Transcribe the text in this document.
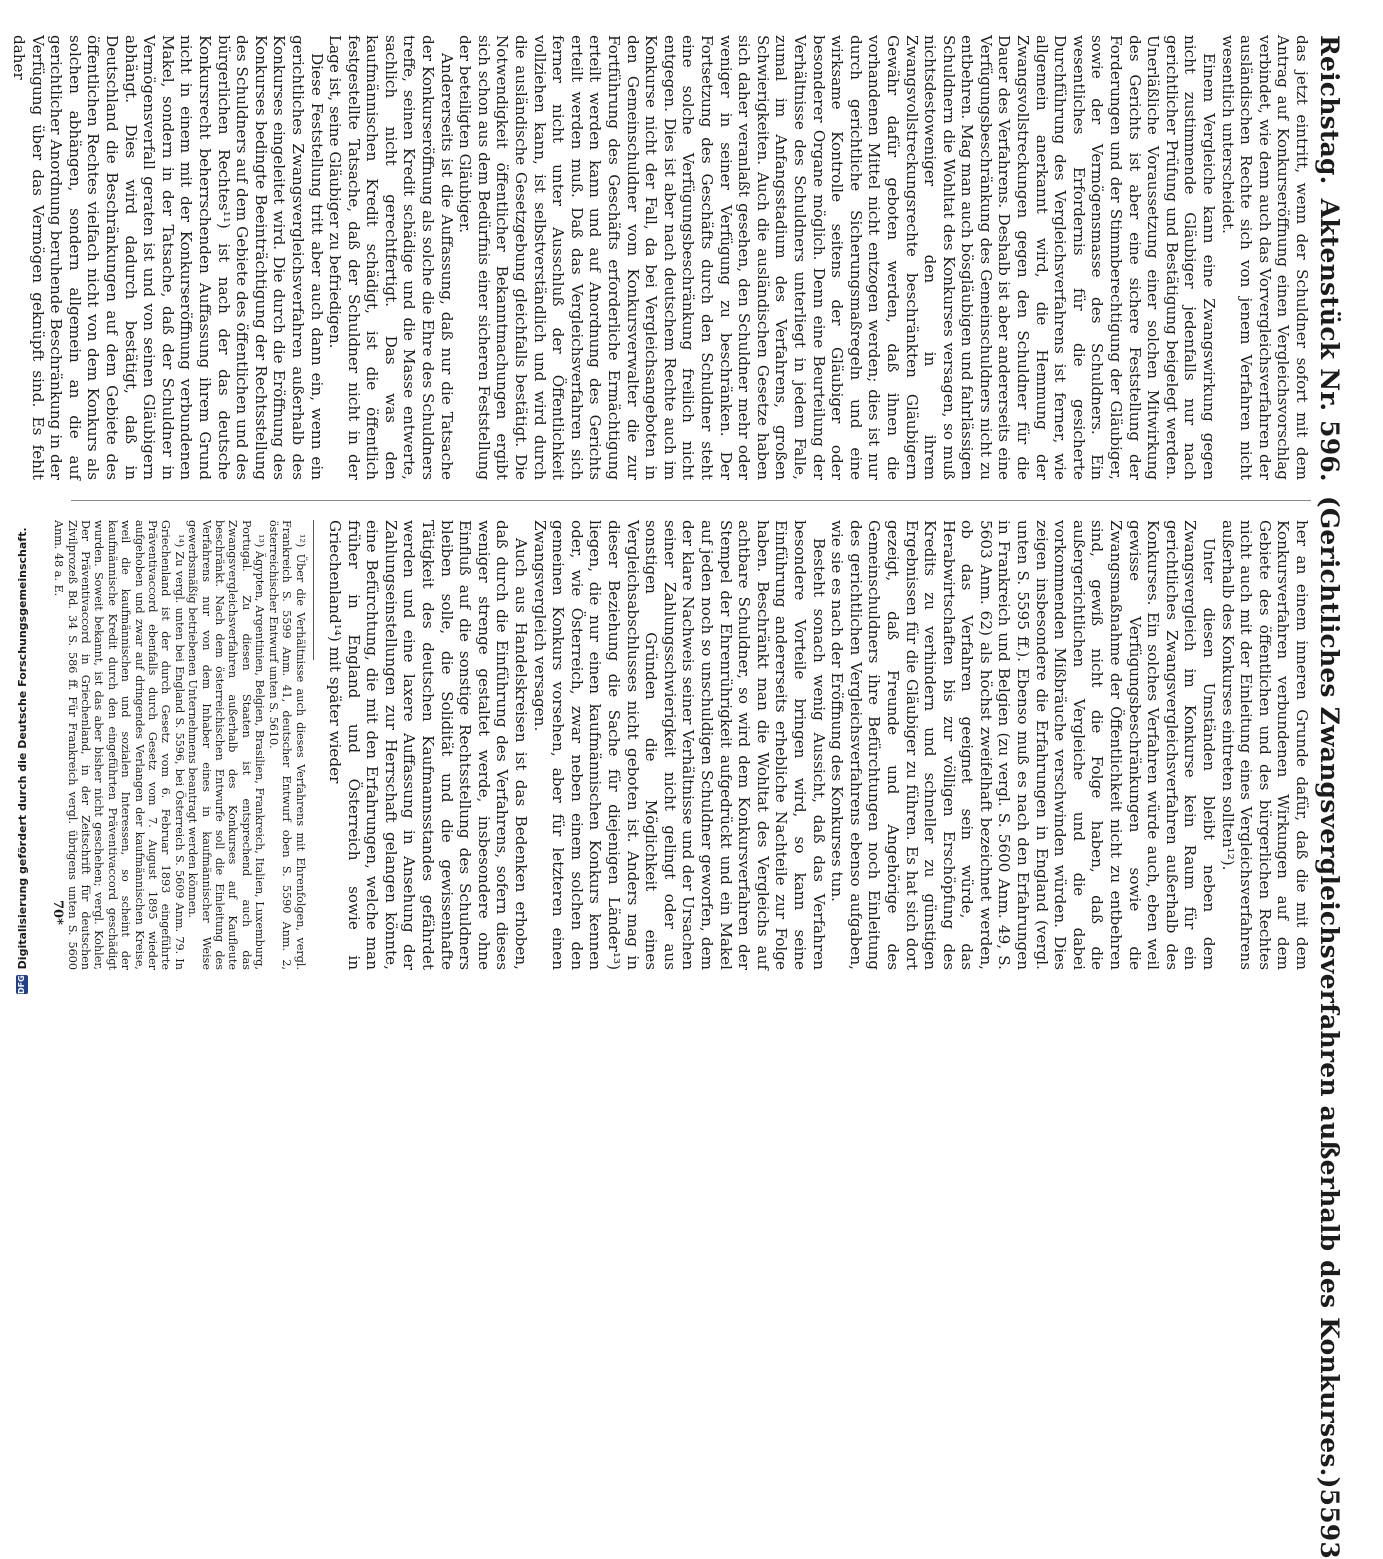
Reichstag.
Aktenstück Nr. 596.
(Gerichtliches Zwangsvergleichsverfahren außerhalb des Konkurses.)
5593

das jetzt eintritt, wenn der Schuldner sofort mit dem Antrag auf Konkurseröffnung einen Vergleichsvorschlag verbindet, wie denn auch das Vorvergleichsverfahren der ausländischen Rechte sich von jenem Verfahren nicht wesentlich unterscheidet.

Einem Vergleiche kann eine Zwangswirkung gegen nicht zustimmende Gläubiger jedenfalls nur nach gerichtlicher Prüfung und Bestätigung beigelegt werden. Unerläßliche Voraussetzung einer solchen Mitwirkung des Gerichts ist aber eine sichere Feststellung der Forderungen und der Stimmberechtigung der Gläubiger, sowie der Vermögensmasse des Schuldners. Ein wesentliches Erfordernis für die gesicherte Durchführung des Vergleichsverfahrens ist ferner, wie allgemein anerkannt wird, die Hemmung der Zwangsvollstreckungen gegen den Schuldner für die Dauer des Verfahrens. Deshalb ist aber andererseits eine Verfügungsbeschränkung des Gemeinschuldners nicht zu entbehren. Mag man auch bösgläubigen und fahrlässigen Schuldnern die Wohltat des Konkurses versagen, so muß nichtsdestoweniger den in ihrem Zwangsvollstreckungsrechte beschränkten Gläubigern Gewähr dafür geboten werden, daß ihnen die vorhandenen Mittel nicht entzogen werden; dies ist nur durch gerichtliche Sicherungsmaßregeln und eine wirksame Kontrolle seitens der Gläubiger oder besonderer Organe möglich. Denn eine Beurteilung der Verhältnisse des Schuldners unterliegt in jedem Falle, zumal im Anfangsstadium des Verfahrens, großen Schwierigkeiten. Auch die ausländischen Gesetze haben sich daher veranlaßt gesehen, den Schuldner mehr oder weniger in seiner Verfügung zu beschränken. Der Fortsetzung des Geschäfts durch den Schuldner steht eine solche Verfügungsbeschränkung freilich nicht entgegen. Dies ist aber nach deutschem Rechte auch im Konkurse nicht der Fall, da bei Vergleichsangeboten in den Gemeinschuldner vom Konkursverwalter die zur Fortführung des Geschäfts erforderliche Ermächtigung erteilt werden kann und auf Anordnung des Gerichts erteilt werden muß. Daß das Vergleichsverfahren sich ferner nicht unter Ausschluß der Öffentlichkeit vollziehen kann, ist selbstverständlich und wird durch die ausländische Gesetzgebung gleichfalls bestätigt. Die Notwendigkeit öffentlicher Bekanntmachungen ergibt sich schon aus dem Bedürfnis einer sicheren Feststellung der beteiligten Gläubiger.

Andererseits ist die Auffassung, daß nur die Tatsache der Konkurseröffnung als solche die Ehre des Schuldners treffe, seinen Kredit schädige und die Masse entwerte, sachlich nicht gerechtfertigt. Das was den kaufmännischen Kredit schädigt, ist die öffentlich festgestellte Tatsache, daß der Schuldner nicht in der Lage ist, seine Gläubiger zu befriedigen.

Diese Feststellung tritt aber auch dann ein, wenn ein gerichtliches Zwangsvergleichsverfahren außerhalb des Konkurses eingeleitet wird. Die durch die Eröffnung des Konkurses bedingte Beeinträchtigung der Rechtsstellung des Schuldners auf dem Gebiete des öffentlichen und des bürgerlichen Rechtes¹¹) ist nach der das deutsche Konkursrecht beherrschenden Auffassung ihrem Grund nicht in einem mit der Konkurseröffnung verbundenen Makel, sondern in der Tatsache, daß der Schuldner in Vermögensverfall geraten ist und von seinen Gläubigern abhängt. Dies wird dadurch bestätigt, daß in Deutschland die Beschränkungen auf dem Gebiete des öffentlichen Rechtes vielfach nicht von dem Konkurs als solchen abhängen, sondern allgemein an die auf gerichtlicher Anordnung beruhende Beschränkung in der Verfügung über das Vermögen geknüpft sind. Es fehlt daher

her an einem inneren Grunde dafür, daß die mit dem Konkursverfahren verbundenen Wirkungen auf dem Gebiete des öffentlichen und des bürgerlichen Rechtes nicht auch mit der Einleitung eines Vergleichsverfahrens außerhalb des Konkurses eintreten sollten¹²).

Unter diesen Umständen bleibt neben dem Zwangsvergleich im Konkurse kein Raum für ein gerichtliches Zwangsvergleichsverfahren außerhalb des Konkurses. Ein solches Verfahren würde auch, eben weil gewisse Verfügungsbeschränkungen sowie die Zwangsmaßnahme der Öffentlichkeit nicht zu entbehren sind, gewiß nicht die Folge haben, daß die außergerichtlichen Vergleiche und die dabei vorkommenden Mißbräuche verschwinden würden. Dies zeigen insbesondere die Erfahrungen in England (vergl. unten S. 5595 ff.). Ebenso muß es nach den Erfahrungen in Frankreich und Belgien (zu vergl. S. 5600 Anm. 49, S. 5603 Anm. 62) als höchst zweifelhaft bezeichnet werden, ob das Verfahren geeignet sein würde, das Herabwirtschaften bis zur völligen Erschöpfung des Kredits zu verhindern und schneller zu günstigen Ergebnissen für die Gläubiger zu führen. Es hat sich dort gezeigt, daß Freunde und Angehörige des Gemeinschuldners ihre Befürchtungen noch Einleitung des gerichtlichen Vergleichsverfahrens ebenso aufgaben, wie sie es nach der Eröffnung des Konkurses tun.

Besteht sonach wenig Aussicht, daß das Verfahren besondere Vorteile bringen wird, so kann seine Einführung andererseits erhebliche Nachteile zur Folge haben. Beschränkt man die Wohltat des Vergleichs auf achtbare Schuldner, so wird dem Konkursverfahren der Stempel der Ehrenrührigkeit aufgedrückt und ein Makel auf jeden noch so unschuldigen Schuldner geworfen, dem der klare Nachweis seiner Verhältnisse und der Ursachen seiner Zahlungsschwierigkeit nicht gelingt oder aus sonstigen Gründen die Möglichkeit eines Vergleichsabschlusses nicht geboten ist. Anders mag in dieser Beziehung die Sache für diejenigen Länder¹³) liegen, die nur einen kaufmännischen Konkurs kennen oder, wie Österreich, zwar neben einem solchen den gemeinen Konkurs vorsehen, aber für letzteren einen Zwangsvergleich versagen.

Auch aus Handelskreisen ist das Bedenken erhoben, daß durch die Einführung des Verfahrens, sofern dieses weniger strenge gestaltet werde, insbesondere ohne Einfluß auf die sonstige Rechtsstellung des Schuldners bleiben solle, die Solidität und die gewissenhafte Tätigkeit des deutschen Kaufmannsstandes gefährdet werden und eine laxere Auffassung in Ansehung der Zahlungseinstellungen zur Herrschaft gelangen könnte, eine Befürchtung, die mit den Erfahrungen, welche man früher in England und Österreich sowie in Griechenland¹⁴) mit später wieder

¹²) Über die Verhältnisse auch dieses Verfahrens mit Ehrenfolgen, vergl. Frankreich S. 5599 Anm. 41, deutscher Entwurf oben S. 5590 Anm. 2, österreichischer Entwurf unten S. 5610.

¹³) Ägypten, Argentinien, Belgien, Brasilien, Frankreich, Italien, Luxemburg, Portugal. Zu diesen Staaten ist entsprechend auch das Zwangsvergleichsverfahren außerhalb des Konkurses auf Kaufleute beschränkt. Nach dem österreichischen Entwurfe soll die Einleitung des Verfahrens nur von dem Inhaber eines in kaufmännischer Weise gewerbsmäßig betriebenen Unternehmens beantragt werden können.

¹⁴) Zu vergl. unten bei England S. 5596, bei Österreich S. 5609 Anm. 79. In Griechenland ist der durch Gesetz vom 6. Februar 1893 eingeführte Präventivaccord ebenfalls durch Gesetz vom 7. August 1895 wieder aufgehoben und zwar auf dringendes Verlangen der kaufmännischen Kreise, weil die kaufmännischen und sozialen Interessen, so scheint der kaufmännische Kredit durch den eingeführten Präventivaccord geschädigt wurden. Soweit bekannt, ist das aber bisher nicht geschehen; vergl. Kohler, Der Präventivaccord in Griechenland, in der Zeitschrift für deutschen Zivilprozeß Bd. 34 S. 586 ff. Für Frankreich vergl. übrigens unten S. 5600 Anm. 48 a. E.

70*
DFG
Digitalisierung gefördert durch die Deutsche Forschungsgemeinschaft.
